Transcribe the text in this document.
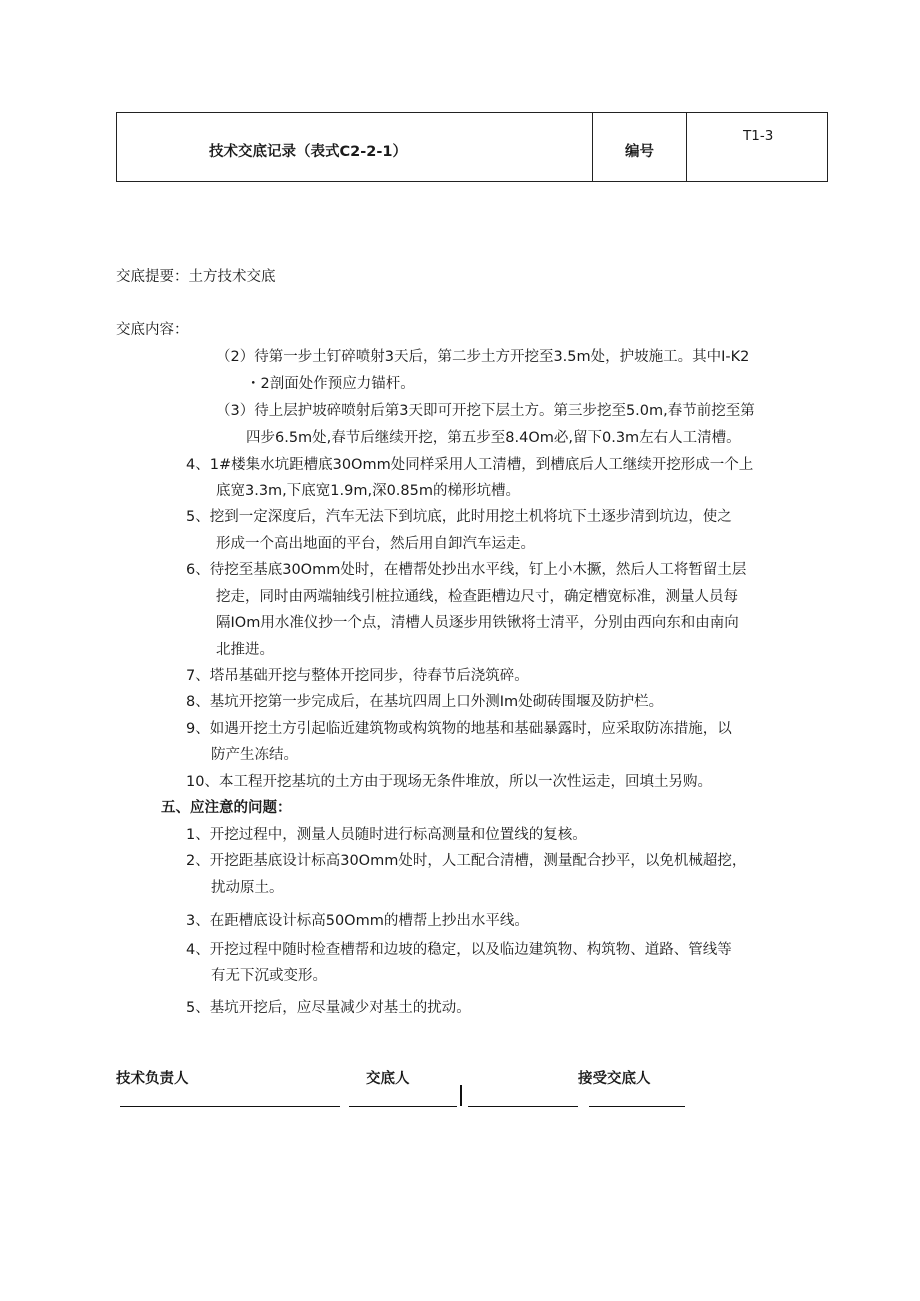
技术交底记录（表式C2-2-1）	编号
T1-3
交底提要：土方技术交底
交底内容：
（2）待第一步土钉碎喷射3天后，第二步土方开挖至3.5m处，护坡施工。其中I-K2
・2剖面处作预应力锚杆。
（3）待上层护坡碎喷射后第3天即可开挖下层土方。第三步挖至5.0m,春节前挖至第
四步6.5m处,春节后继续开挖，第五步至8.4Om必,留下0.3m左右人工清槽。
4、1#楼集水坑距槽底30Omm处同样采用人工清槽，到槽底后人工继续开挖形成一个上
底宽3.3m,下底宽1.9m,深0.85m的梯形坑槽。
5、挖到一定深度后，汽车无法下到坑底，此时用挖土机将坑下土逐步清到坑边，使之
形成一个高出地面的平台，然后用自卸汽车运走。
6、待挖至基底30Omm处时，在槽帮处抄出水平线，钉上小木撅，然后人工将暂留土层
挖走，同时由两端轴线引桩拉通线，检查距槽边尺寸，确定槽宽标准，测量人员每
隔IOm用水准仪抄一个点，清槽人员逐步用铁锹将士清平，分别由西向东和由南向
北推进。
7、塔吊基础开挖与整体开挖同步，待春节后浇筑碎。
8、基坑开挖第一步完成后，在基坑四周上口外测Im处砌砖围堰及防护栏。
9、如遇开挖土方引起临近建筑物或构筑物的地基和基础暴露时，应采取防冻措施，以
防产生冻结。
10、本工程开挖基坑的土方由于现场无条件堆放，所以一次性运走，回填土另购。
五、应注意的问题：
1、开挖过程中，测量人员随时进行标高测量和位置线的复核。
2、开挖距基底设计标高30Omm处时，人工配合清槽，测量配合抄平，以免机械超挖，
扰动原土。
3、在距槽底设计标高50Omm的槽帮上抄出水平线。
4、开挖过程中随时检查槽帮和边坡的稳定，以及临边建筑物、构筑物、道路、管线等
有无下沉或变形。
5、基坑开挖后，应尽量减少对基土的扰动。
技术负责人	交底人	接受交底人
